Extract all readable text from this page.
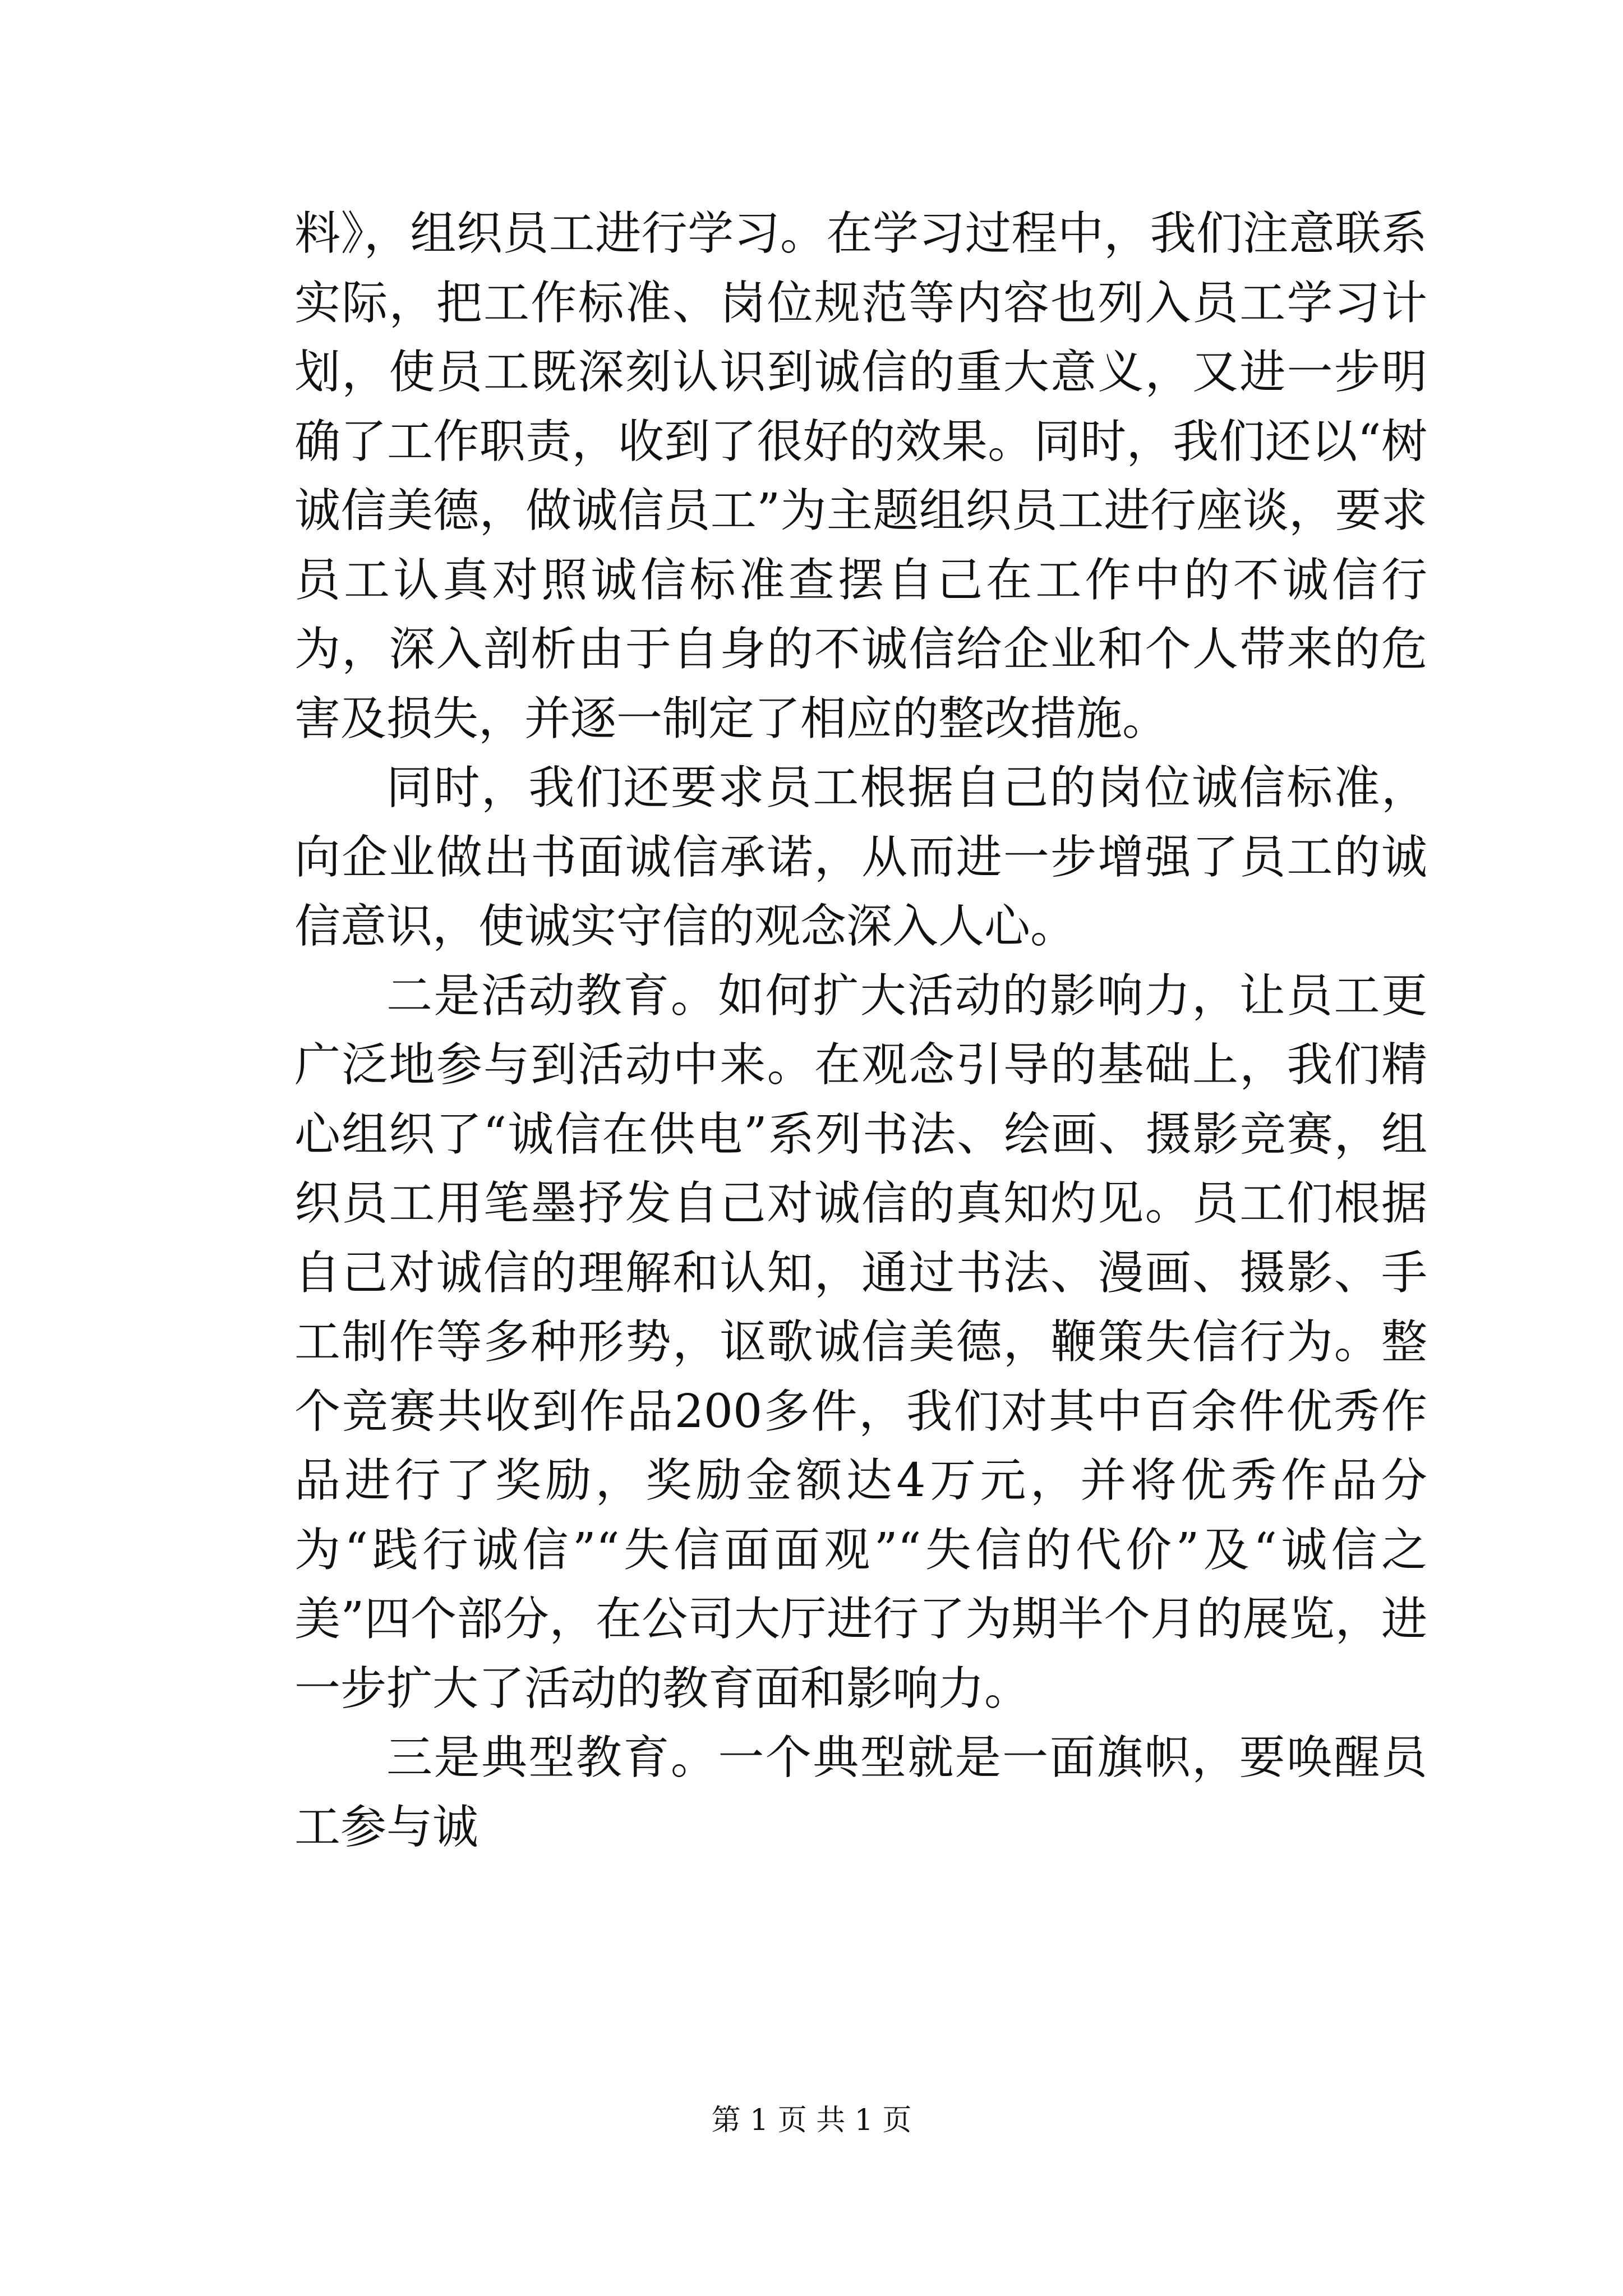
料》，组织员工进行学习。在学习过程中，我们注意联系实际，把工作标准、岗位规范等内容也列入员工学习计划，使员工既深刻认识到诚信的重大意义，又进一步明确了工作职责，收到了很好的效果。同时，我们还以“树诚信美德，做诚信员工”为主题组织员工进行座谈，要求员工认真对照诚信标准查摆自己在工作中的不诚信行为，深入剖析由于自身的不诚信给企业和个人带来的危害及损失，并逐一制定了相应的整改措施。

同时，我们还要求员工根据自己的岗位诚信标准，向企业做出书面诚信承诺，从而进一步增强了员工的诚信意识，使诚实守信的观念深入人心。

二是活动教育。如何扩大活动的影响力，让员工更广泛地参与到活动中来。在观念引导的基础上，我们精心组织了“诚信在供电”系列书法、绘画、摄影竞赛，组织员工用笔墨抒发自己对诚信的真知灼见。员工们根据自己对诚信的理解和认知，通过书法、漫画、摄影、手工制作等多种形势，讴歌诚信美德，鞭策失信行为。整个竞赛共收到作品200多件，我们对其中百余件优秀作品进行了奖励，奖励金额达4万元，并将优秀作品分为“践行诚信”“失信面面观”“失信的代价”及“诚信之美”四个部分，在公司大厅进行了为期半个月的展览，进一步扩大了活动的教育面和影响力。

三是典型教育。一个典型就是一面旗帜，要唤醒员工参与诚

第 1 页 共 1 页
